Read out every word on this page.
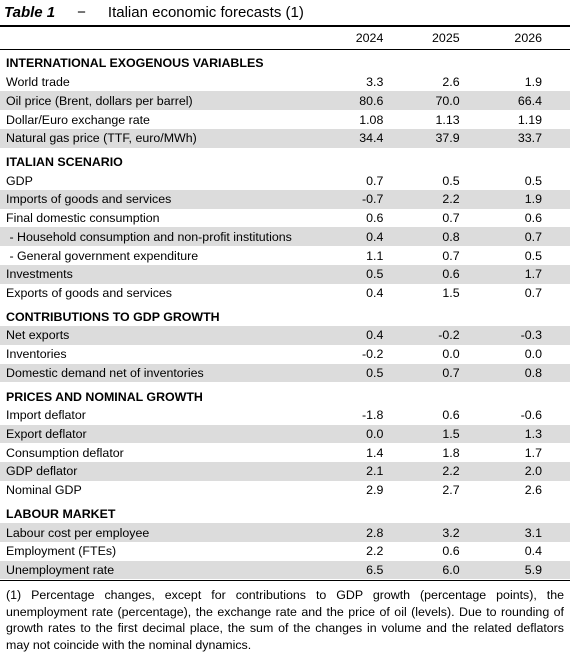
Table 1 − Italian economic forecasts (1)
	2024	2025	2026

INTERNATIONAL EXOGENOUS VARIABLES			
World trade	3.3	2.6	1.9
Oil price (Brent, dollars per barrel)	80.6	70.0	66.4
Dollar/Euro exchange rate	1.08	1.13	1.19
Natural gas price (TTF, euro/MWh)	34.4	37.9	33.7

ITALIAN SCENARIO			
GDP	0.7	0.5	0.5
Imports of goods and services	-0.7	2.2	1.9
Final domestic consumption	0.6	0.7	0.6
- Household consumption and non-profit institutions	0.4	0.8	0.7
- General government expenditure	1.1	0.7	0.5
Investments	0.5	0.6	1.7
Exports of goods and services	0.4	1.5	0.7

CONTRIBUTIONS TO GDP GROWTH			
Net exports	0.4	-0.2	-0.3
Inventories	-0.2	0.0	0.0
Domestic demand net of inventories	0.5	0.7	0.8

PRICES AND NOMINAL GROWTH			
Import deflator	-1.8	0.6	-0.6
Export deflator	0.0	1.5	1.3
Consumption deflator	1.4	1.8	1.7
GDP deflator	2.1	2.2	2.0
Nominal GDP	2.9	2.7	2.6

LABOUR MARKET			
Labour cost per employee	2.8	3.2	3.1
Employment (FTEs)	2.2	0.6	0.4
Unemployment rate	6.5	6.0	5.9

(1) Percentage changes, except for contributions to GDP growth (percentage points), the unemployment rate (percentage), the exchange rate and the price of oil (levels). Due to rounding of growth rates to the first decimal place, the sum of the changes in volume and the related deflators may not coincide with the nominal dynamics.
